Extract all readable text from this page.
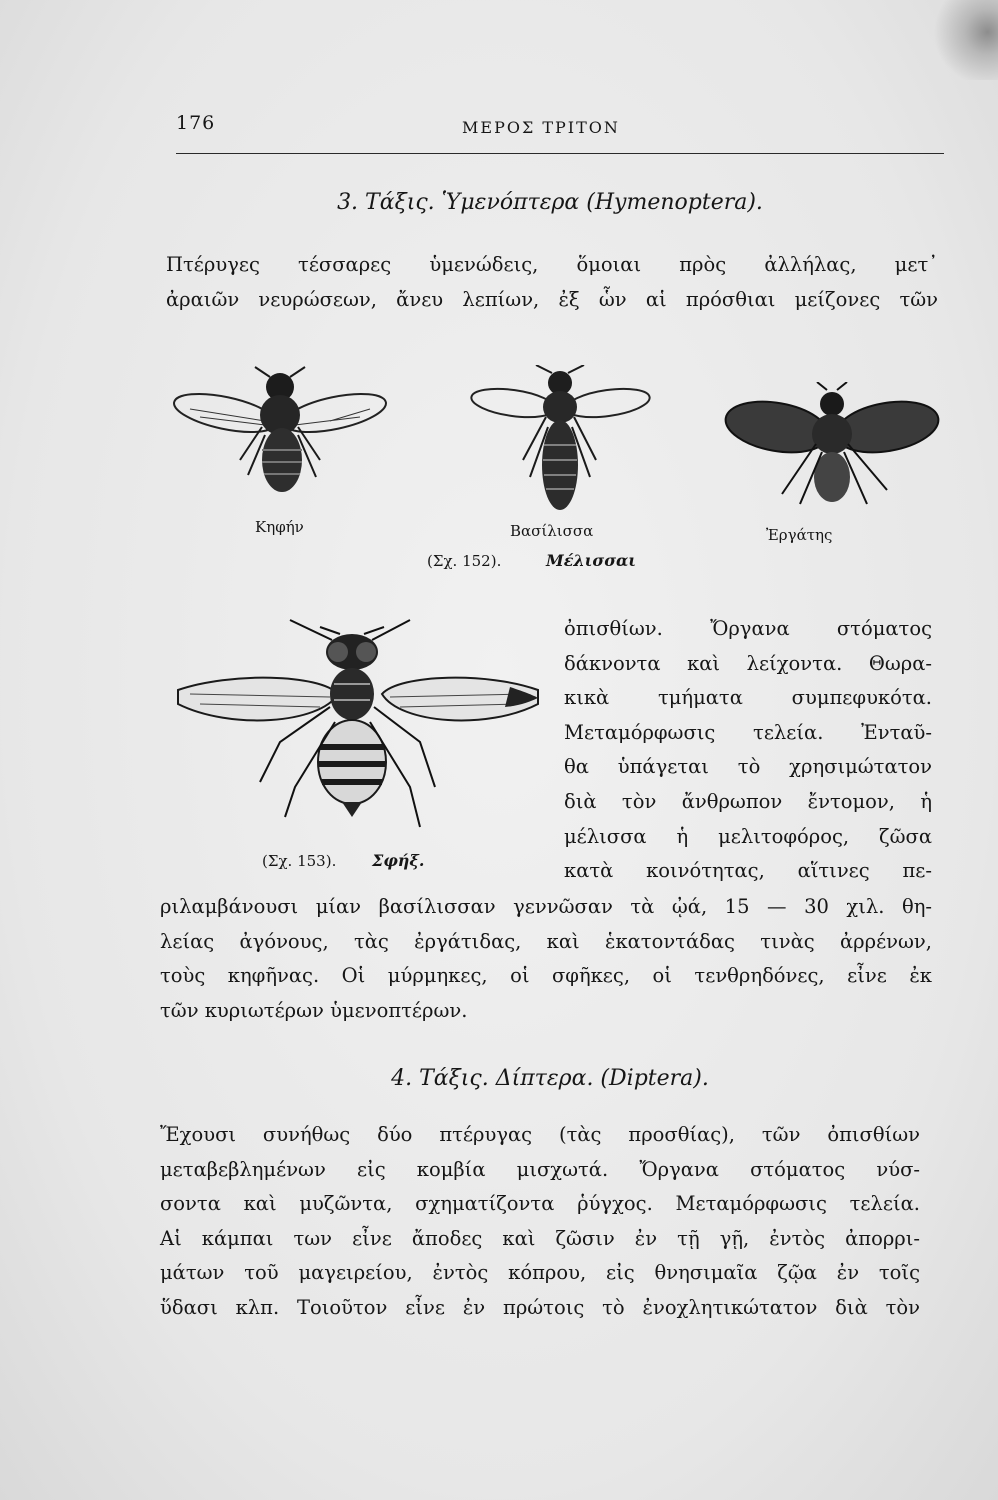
176	ΜΕΡΟΣ ΤΡΙΤΟΝ
3. Τάξις. Ὑμενόπτερα (Hymenoptera).
Πτέρυγες τέσσαρες ὑμενώδεις, ὅμοιαι πρὸς ἀλλήλας, μετ᾽
ἀραιῶν νευρώσεων, ἄνευ λεπίων, ἐξ ὧν αἱ πρόσθιαι μείζονες τῶν
Κηφήν	Βασίλισσα	Ἐργάτης
(Σχ. 152).	Μέλισσαι
(Σχ. 153). Σφήξ.
ὀπισθίων. Ὄργανα στόματος
δάκνοντα καὶ λείχοντα. Θωρα-
κικὰ τμήματα συμπεφυκότα.
Μεταμόρφωσις τελεία. Ἐνταῦ-
θα ὑπάγεται τὸ χρησιμώτατον
διὰ τὸν ἄνθρωπον ἔντομον, ἡ
μέλισσα ἡ μελιτοφόρος, ζῶσα
κατὰ κοινότητας, αἵτινες πε-
ριλαμβάνουσι μίαν βασίλισσαν γεννῶσαν τὰ ᾠά, 15 — 30 χιλ. θη-
λείας ἀγόνους, τὰς ἐργάτιδας, καὶ ἑκατοντάδας τινὰς ἀρρένων,
τοὺς κηφῆνας. Οἱ μύρμηκες, οἱ σφῆκες, οἱ τενθρηδόνες, εἶνε ἐκ
τῶν κυριωτέρων ὑμενοπτέρων.
4. Τάξις. Δίπτερα. (Diptera).
Ἔχουσι συνήθως δύο πτέρυγας (τὰς προσθίας), τῶν ὀπισθίων
μεταβεβλημένων εἰς κομβία μισχωτά. Ὄργανα στόματος νύσ-
σοντα καὶ μυζῶντα, σχηματίζοντα ῥύγχος. Μεταμόρφωσις τελεία.
Αἱ κάμπαι των εἶνε ἄποδες καὶ ζῶσιν ἐν τῇ γῇ, ἐντὸς ἀπορρι-
μάτων τοῦ μαγειρείου, ἐντὸς κόπρου, εἰς θνησιμαῖα ζῷα ἐν τοῖς
ὕδασι κλπ. Τοιοῦτον εἶνε ἐν πρώτοις τὸ ἐνοχλητικώτατον διὰ τὸν
